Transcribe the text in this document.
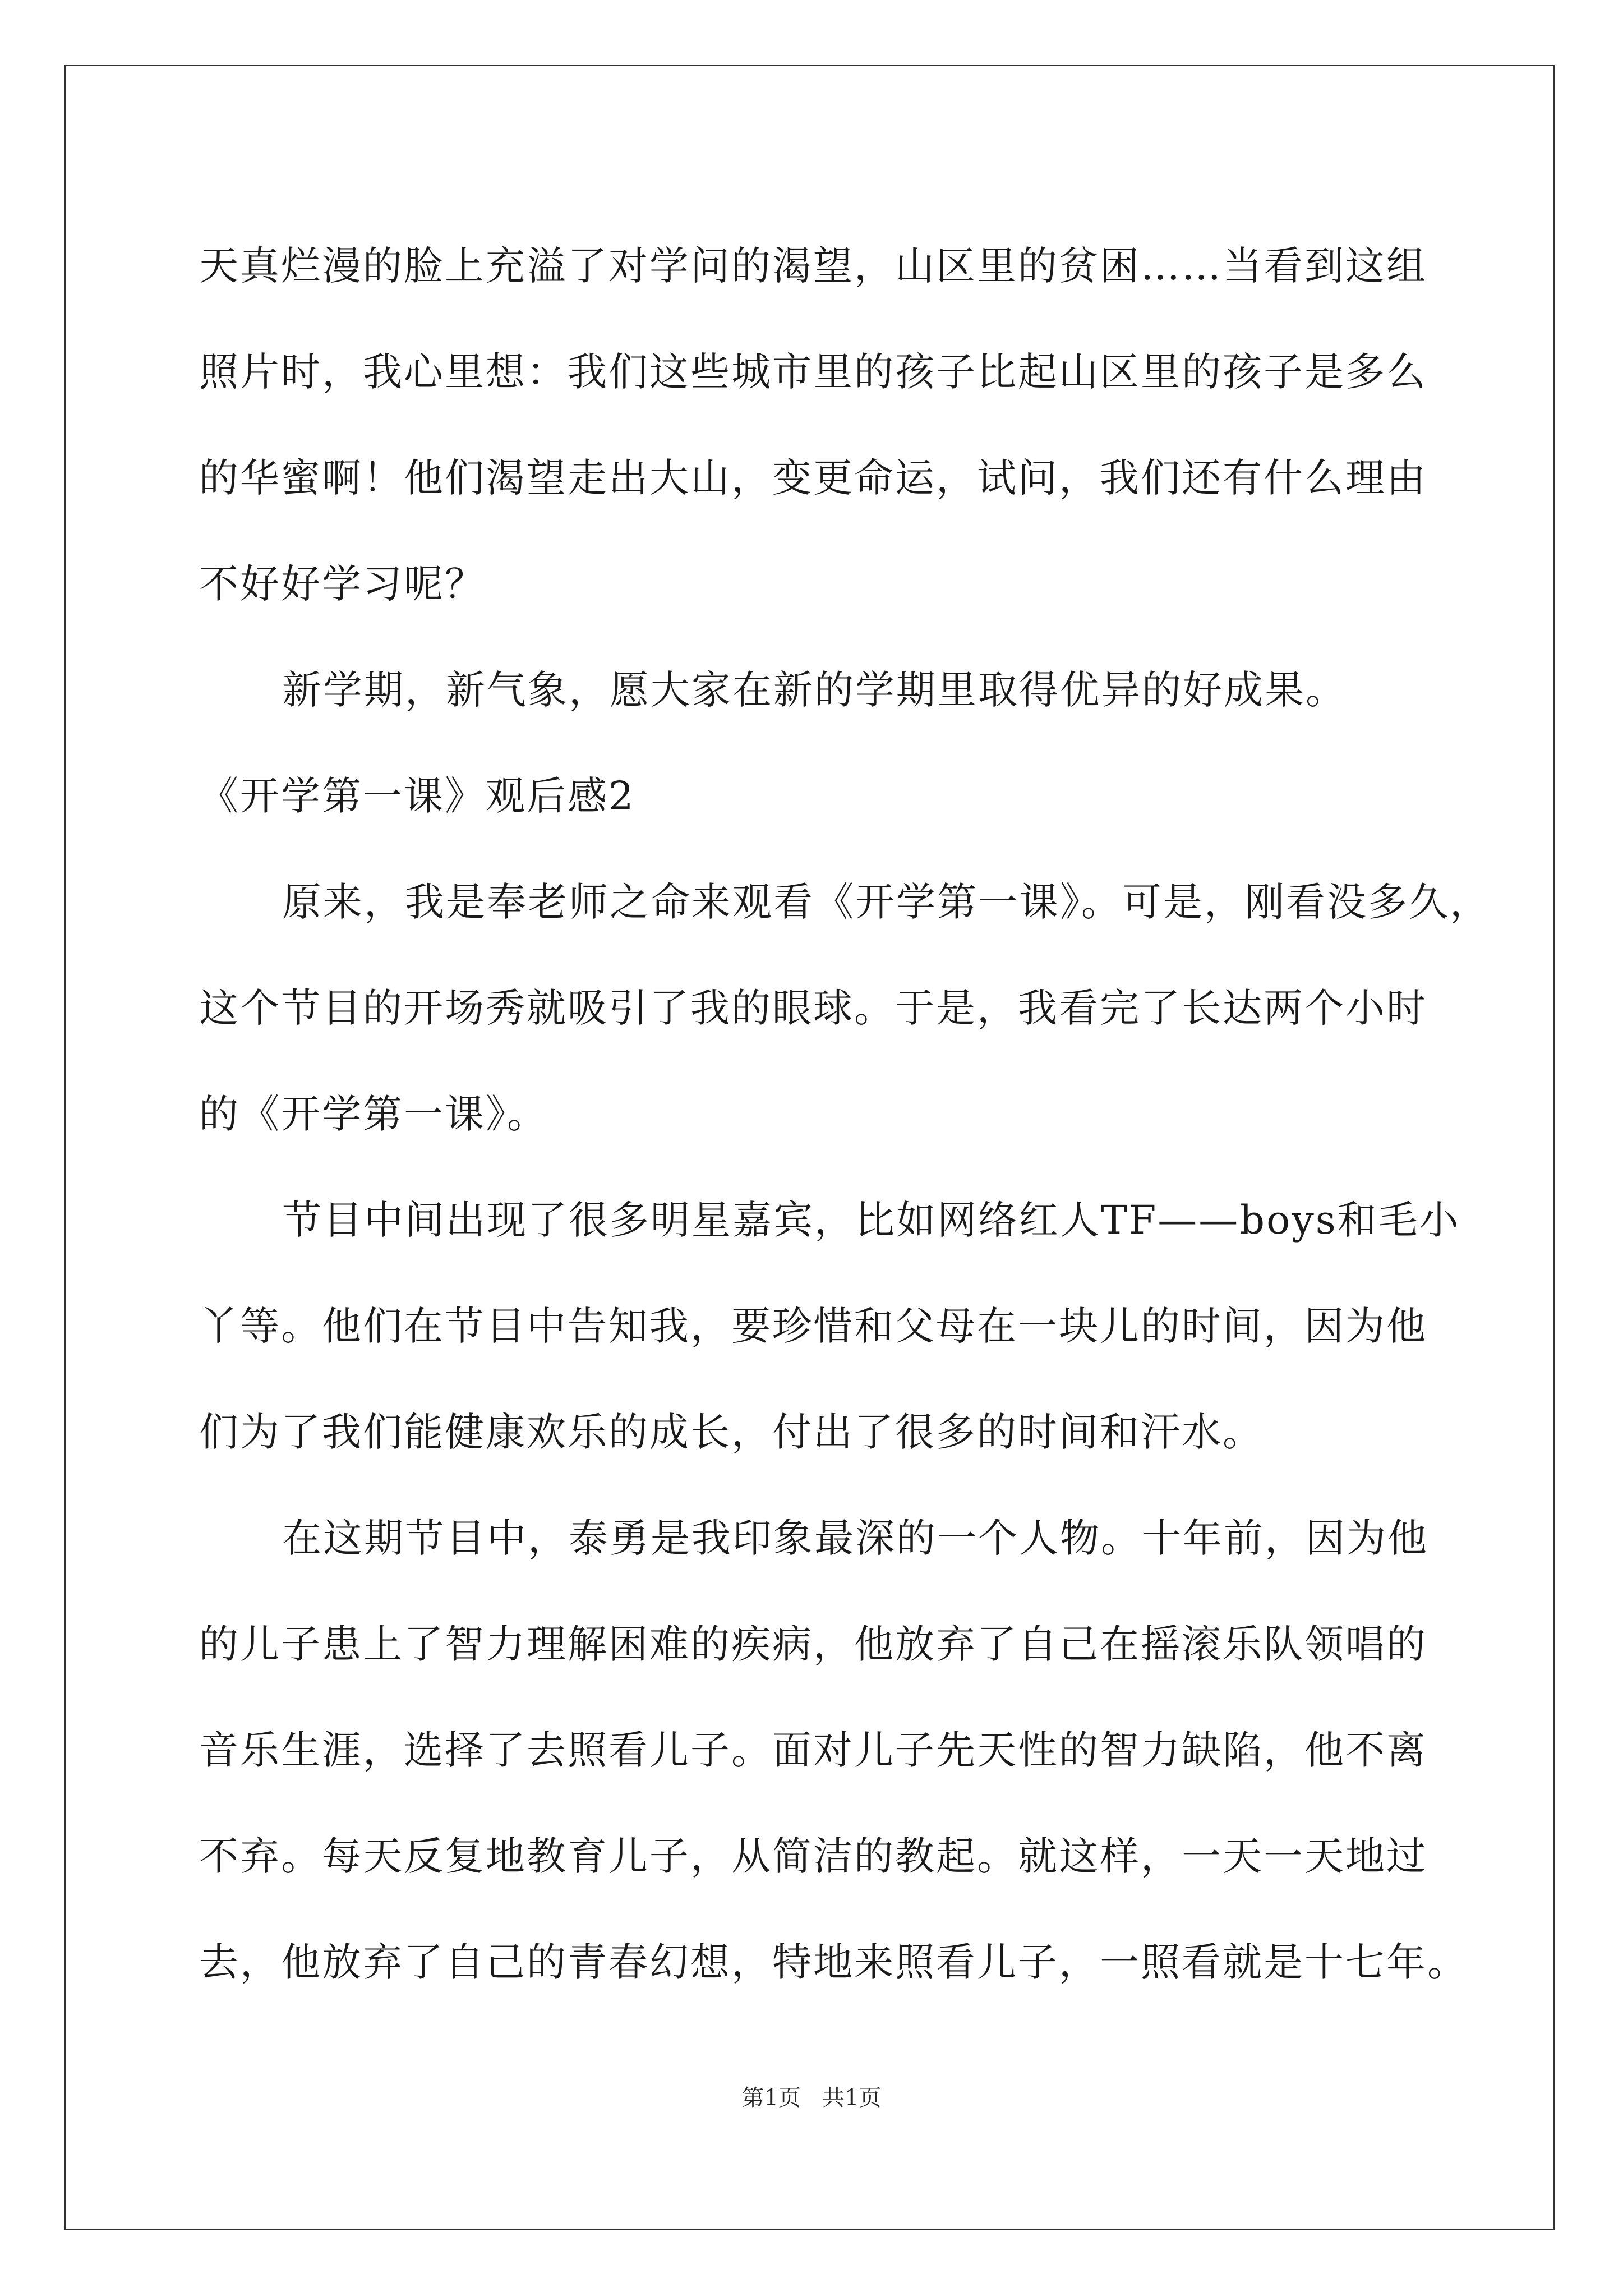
天真烂漫的脸上充溢了对学问的渴望，山区里的贫困……当看到这组

照片时，我心里想：我们这些城市里的孩子比起山区里的孩子是多么

的华蜜啊！他们渴望走出大山，变更命运，试问，我们还有什么理由

不好好学习呢？

新学期，新气象，愿大家在新的学期里取得优异的好成果。

《开学第一课》观后感2

原来，我是奉老师之命来观看《开学第一课》。可是，刚看没多久，

这个节目的开场秀就吸引了我的眼球。于是，我看完了长达两个小时

的《开学第一课》。

节目中间出现了很多明星嘉宾，比如网络红人TF——boys和毛小

丫等。他们在节目中告知我，要珍惜和父母在一块儿的时间，因为他

们为了我们能健康欢乐的成长，付出了很多的时间和汗水。

在这期节目中，泰勇是我印象最深的一个人物。十年前，因为他

的儿子患上了智力理解困难的疾病，他放弃了自己在摇滚乐队领唱的

音乐生涯，选择了去照看儿子。面对儿子先天性的智力缺陷，他不离

不弃。每天反复地教育儿子，从简洁的教起。就这样，一天一天地过

去，他放弃了自己的青春幻想，特地来照看儿子，一照看就是十七年。

第1页   共1页
